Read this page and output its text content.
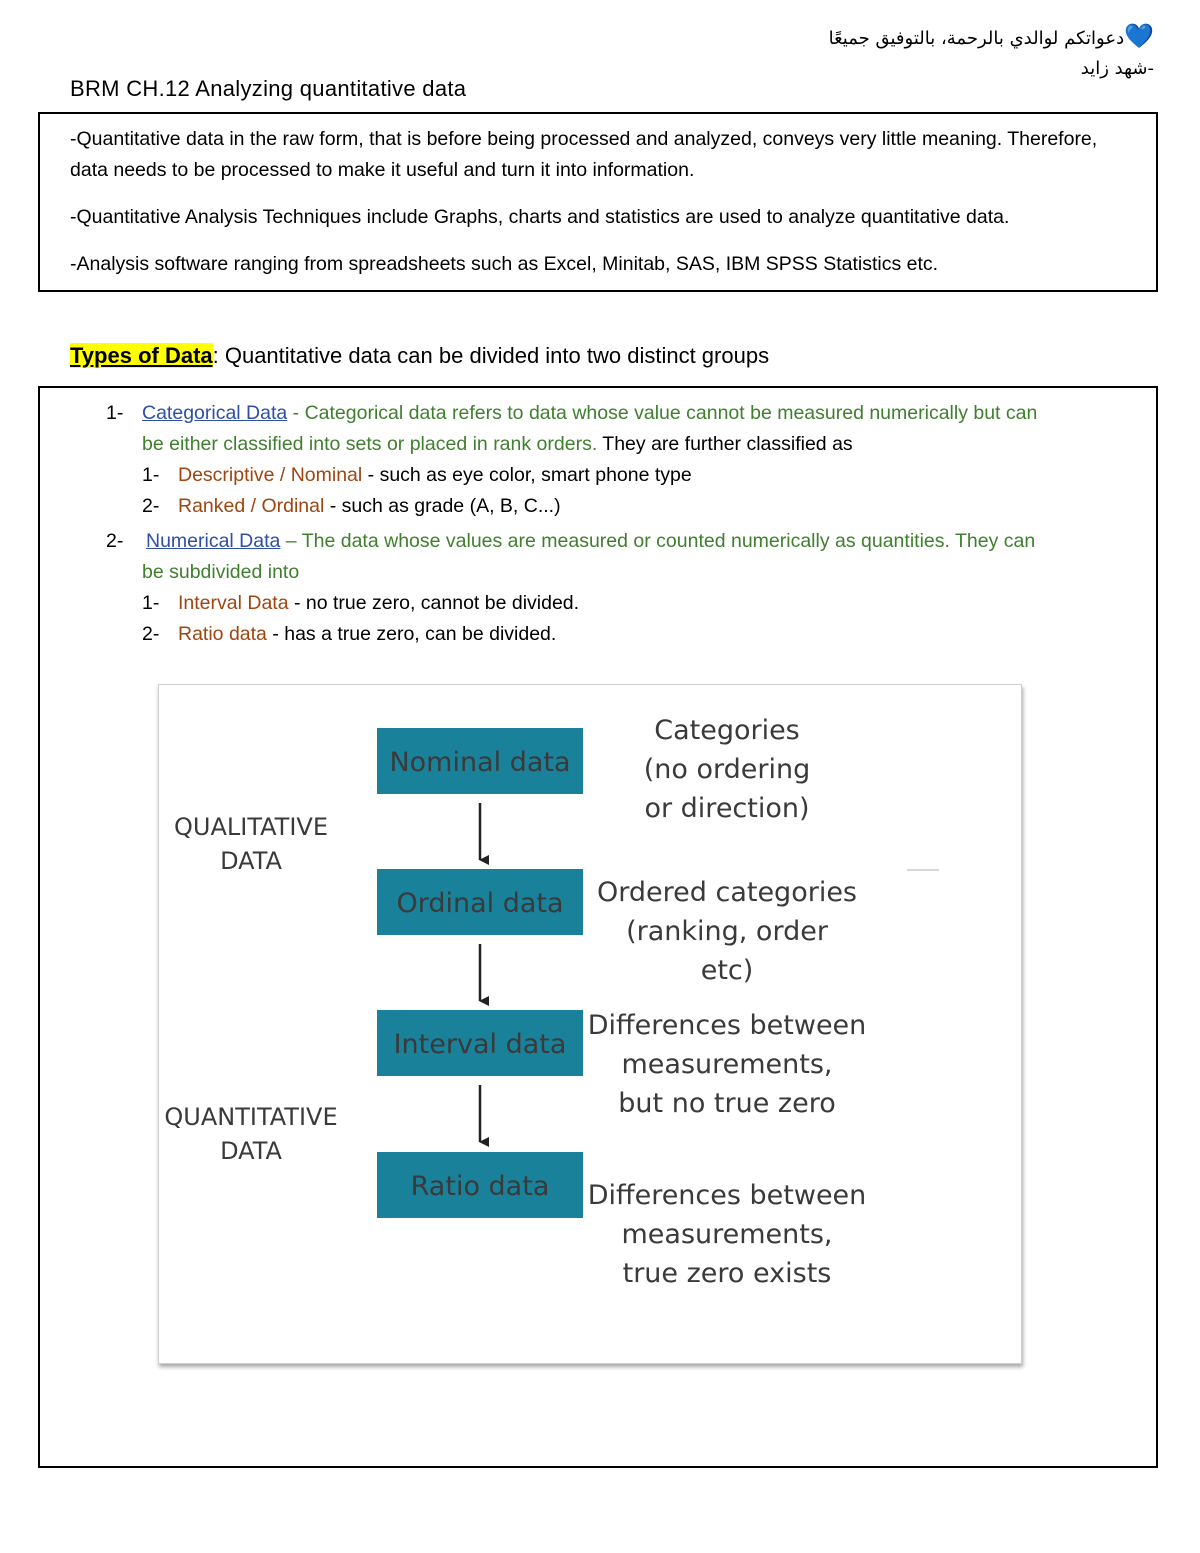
💙دعواتكم لوالدي بالرحمة، بالتوفيق جميعًا
-شهد زايد
BRM CH.12 Analyzing quantitative data

-Quantitative data in the raw form, that is before being processed and analyzed, conveys very little meaning. Therefore, data needs to be processed to make it useful and turn it into information.

-Quantitative Analysis Techniques include Graphs, charts and statistics are used to analyze quantitative data.

-Analysis software ranging from spreadsheets such as Excel, Minitab, SAS, IBM SPSS Statistics etc.

Types of Data: Quantitative data can be divided into two distinct groups
1- Categorical Data - Categorical data refers to data whose value cannot be measured numerically but can
be either classified into sets or placed in rank orders. They are further classified as
1- Descriptive / Nominal - such as eye color, smart phone type
2- Ranked / Ordinal - such as grade (A, B, C...)
2- Numerical Data – The data whose values are measured or counted numerically as quantities. They can
be subdivided into
1- Interval Data - no true zero, cannot be divided.
2- Ratio data - has a true zero, can be divided.
QUALITATIVE
DATA
QUANTITATIVE
DATA
Nominal data
Ordinal data
Interval data
Ratio data
Categories
(no ordering
or direction)
Ordered categories
(ranking, order
etc)
Differences between
measurements,
but no true zero
Differences between
measurements,
true zero exists
